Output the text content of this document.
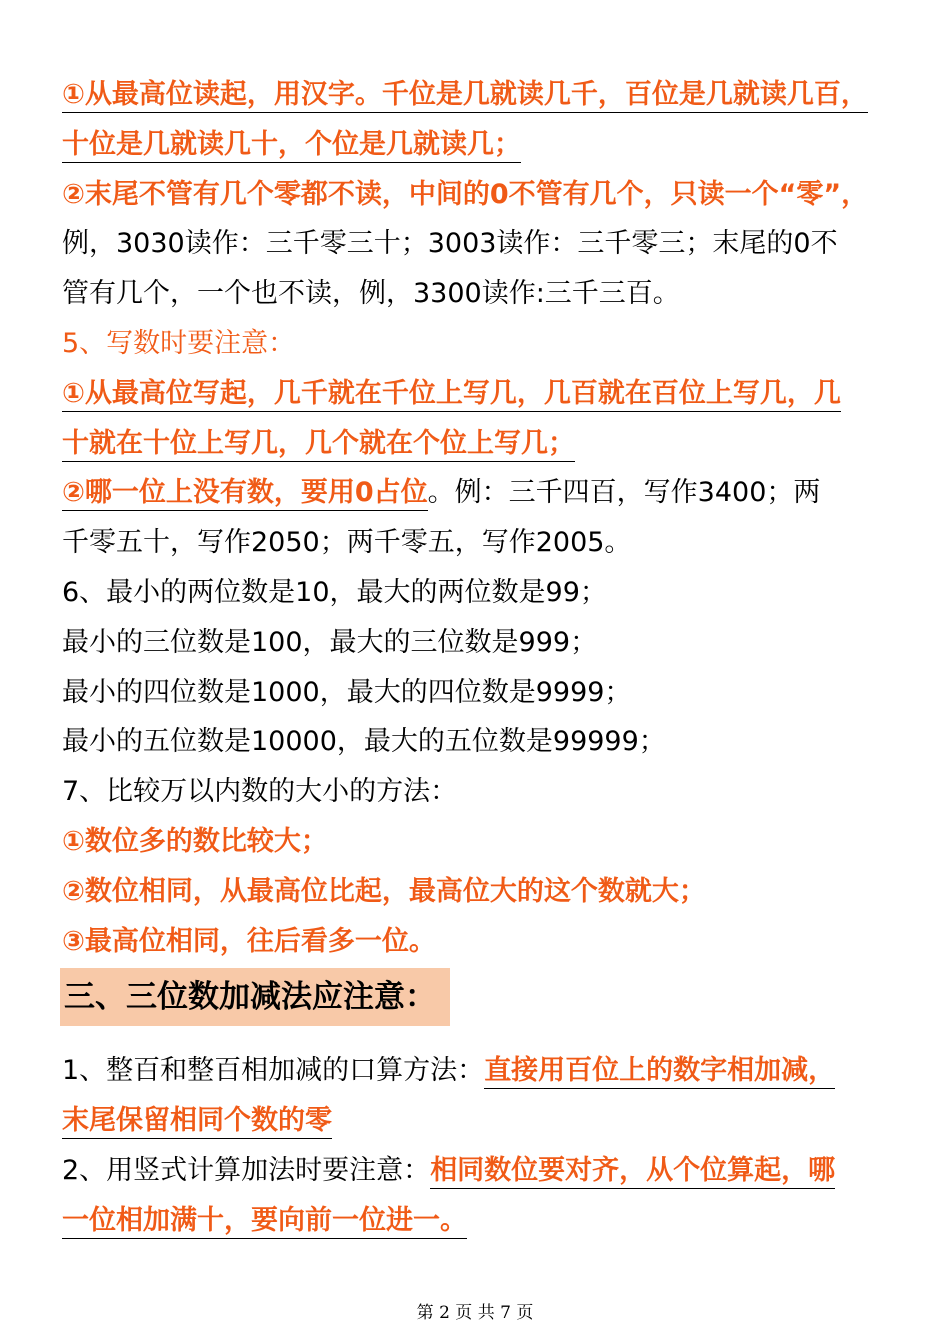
①从最高位读起，用汉字。千位是几就读几千，百位是几就读几百，
十位是几就读几十，个位是几就读几；
②末尾不管有几个零都不读，中间的0不管有几个，只读一个“零”，
例，3030读作：三千零三十；3003读作：三千零三；末尾的0不
管有几个，一个也不读，例，3300读作:三千三百。
5、写数时要注意：
①从最高位写起，几千就在千位上写几，几百就在百位上写几，几
十就在十位上写几，几个就在个位上写几；
②哪一位上没有数，要用0占位。例：三千四百，写作3400；两
千零五十，写作2050；两千零五，写作2005。
6、最小的两位数是10，最大的两位数是99；
最小的三位数是100，最大的三位数是999；
最小的四位数是1000，最大的四位数是9999；
最小的五位数是10000，最大的五位数是99999；
7、比较万以内数的大小的方法：
①数位多的数比较大；
②数位相同，从最高位比起，最高位大的这个数就大；
③最高位相同，往后看多一位。
三、三位数加减法应注意：
1、整百和整百相加减的口算方法：直接用百位上的数字相加减，
末尾保留相同个数的零
2、用竖式计算加法时要注意：相同数位要对齐，从个位算起，哪
一位相加满十，要向前一位进一。
第 2 页 共 7 页
